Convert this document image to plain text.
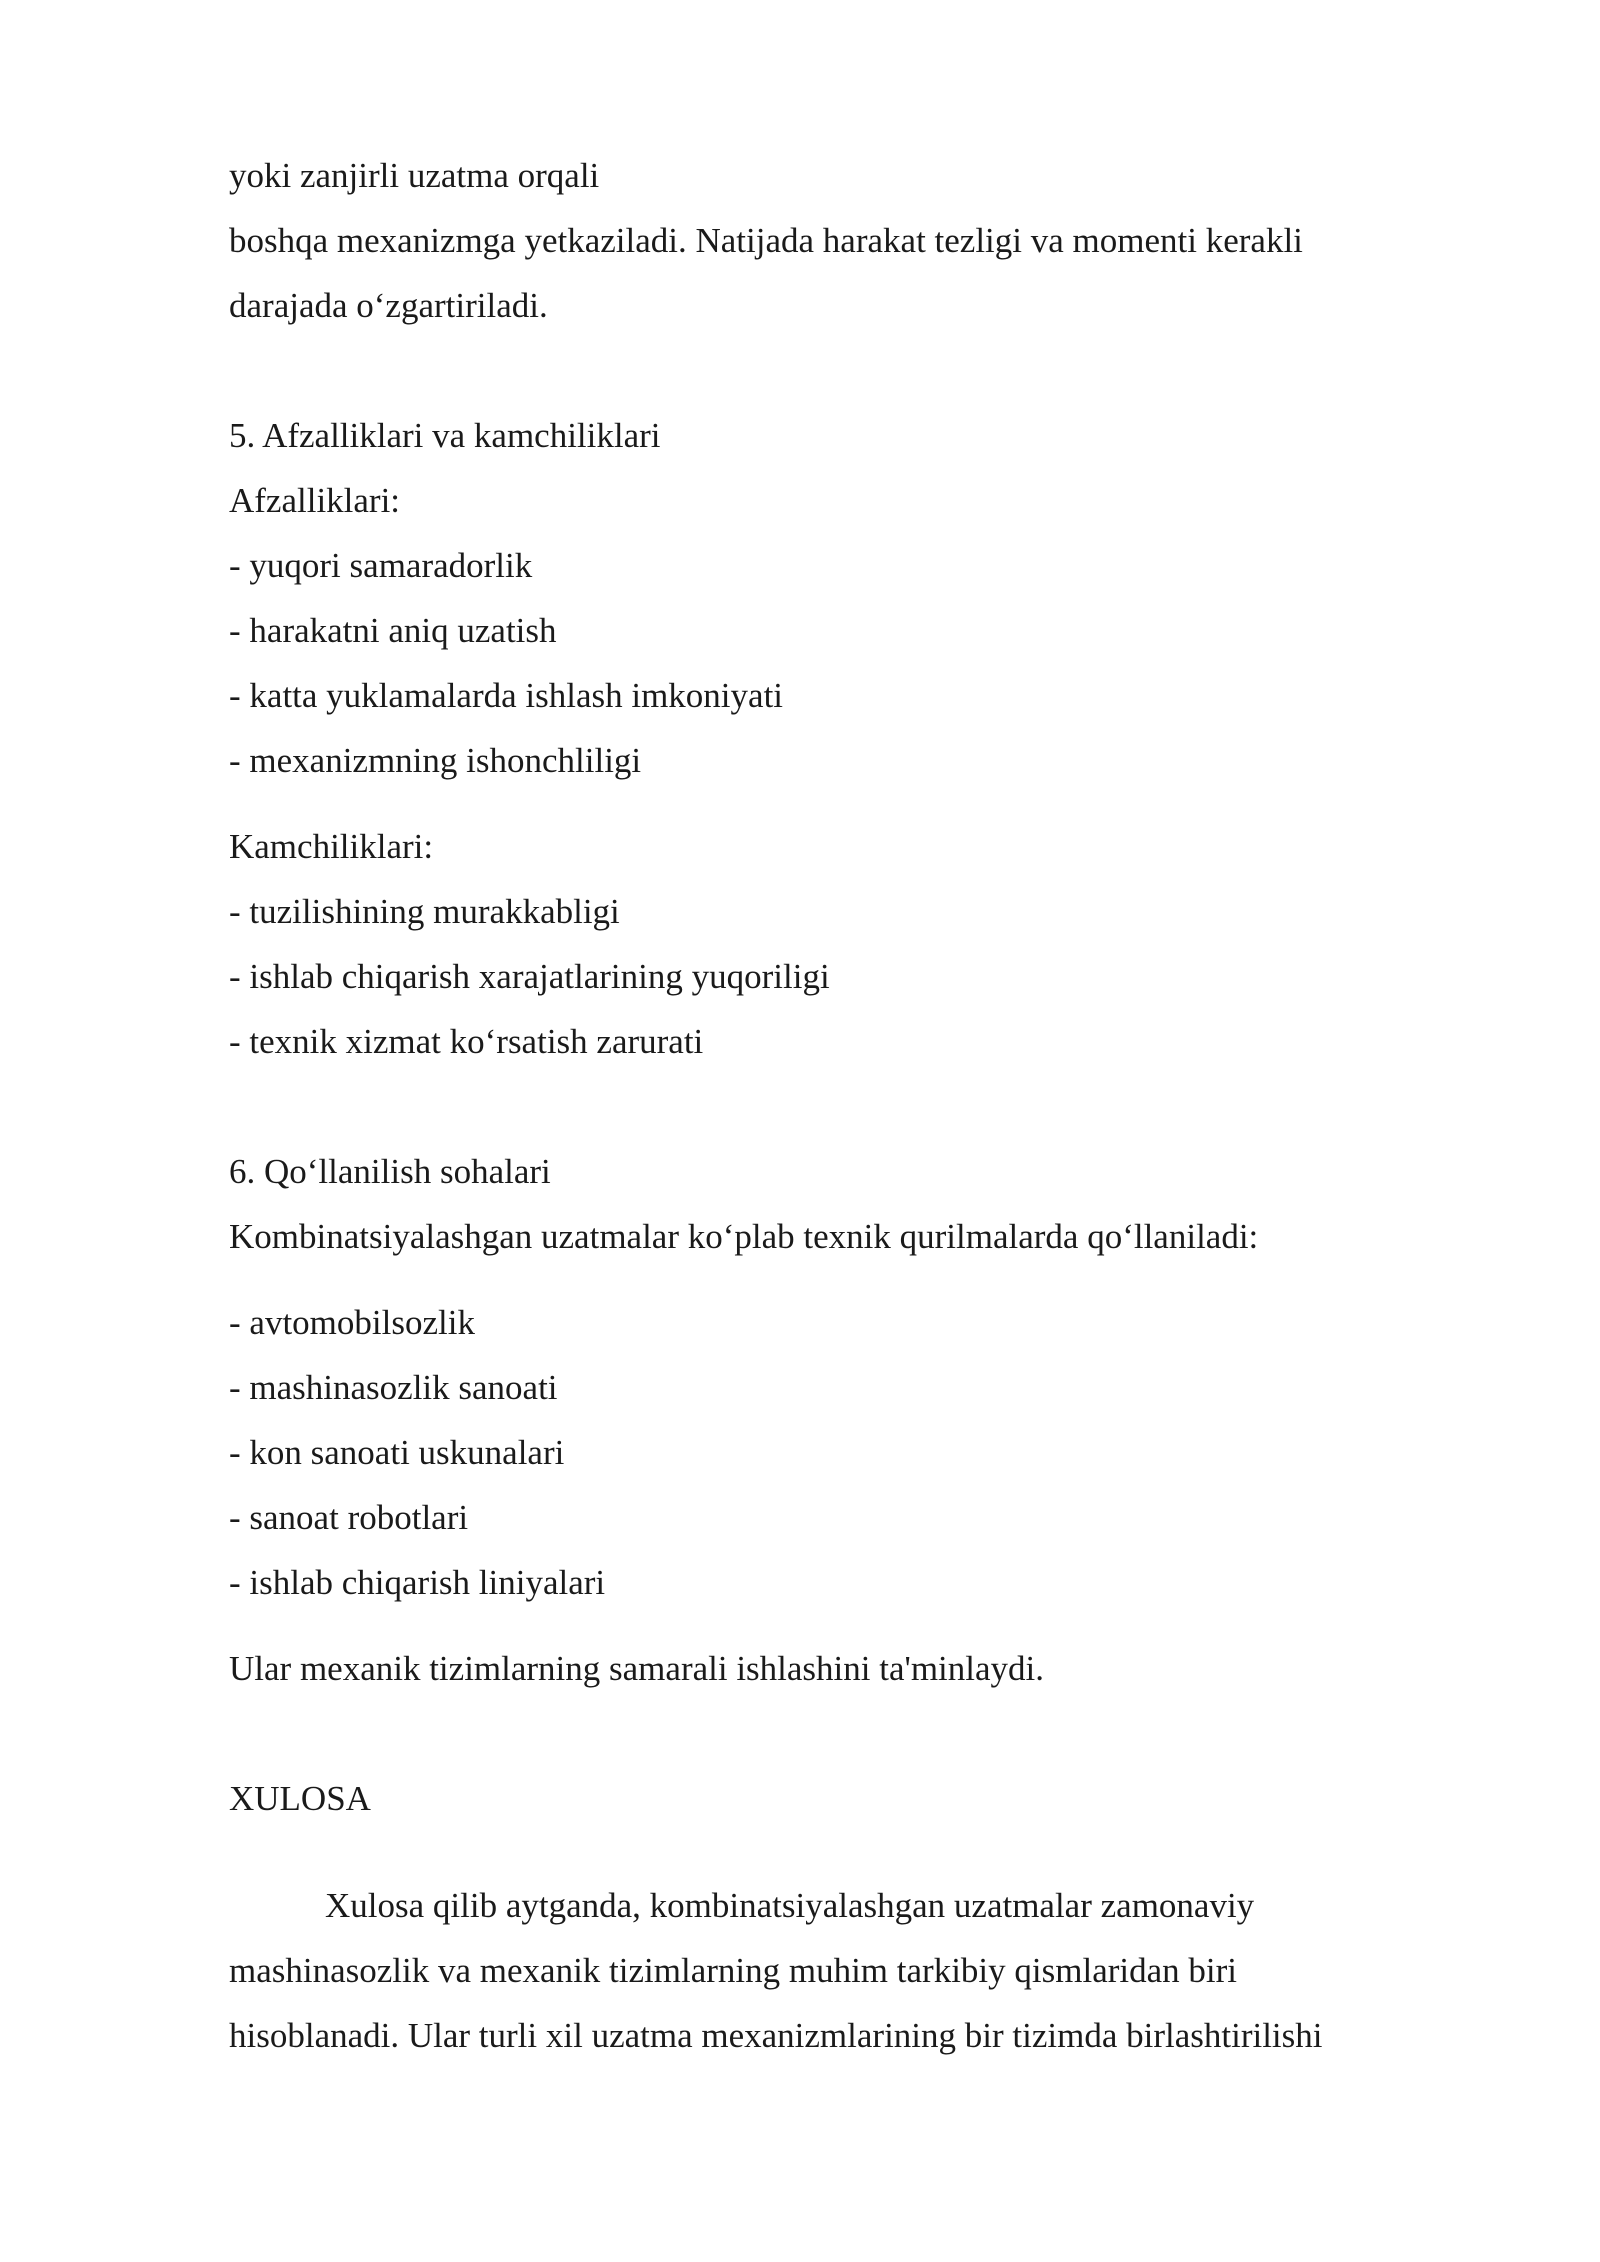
yoki zanjirli uzatma orqali
boshqa mexanizmga yetkaziladi. Natijada harakat tezligi va momenti kerakli
darajada o‘zgartiriladi.
5. Afzalliklari va kamchiliklari
Afzalliklari:
- yuqori samaradorlik
- harakatni aniq uzatish
- katta yuklamalarda ishlash imkoniyati
- mexanizmning ishonchliligi
Kamchiliklari:
- tuzilishining murakkabligi
- ishlab chiqarish xarajatlarining yuqoriligi
- texnik xizmat ko‘rsatish zarurati
6. Qo‘llanilish sohalari
Kombinatsiyalashgan uzatmalar ko‘plab texnik qurilmalarda qo‘llaniladi:
- avtomobilsozlik
- mashinasozlik sanoati
- kon sanoati uskunalari
- sanoat robotlari
- ishlab chiqarish liniyalari
Ular mexanik tizimlarning samarali ishlashini ta'minlaydi.
XULOSA
Xulosa qilib aytganda, kombinatsiyalashgan uzatmalar zamonaviy
mashinasozlik va mexanik tizimlarning muhim tarkibiy qismlaridan biri
hisoblanadi. Ular turli xil uzatma mexanizmlarining bir tizimda birlashtirilishi
